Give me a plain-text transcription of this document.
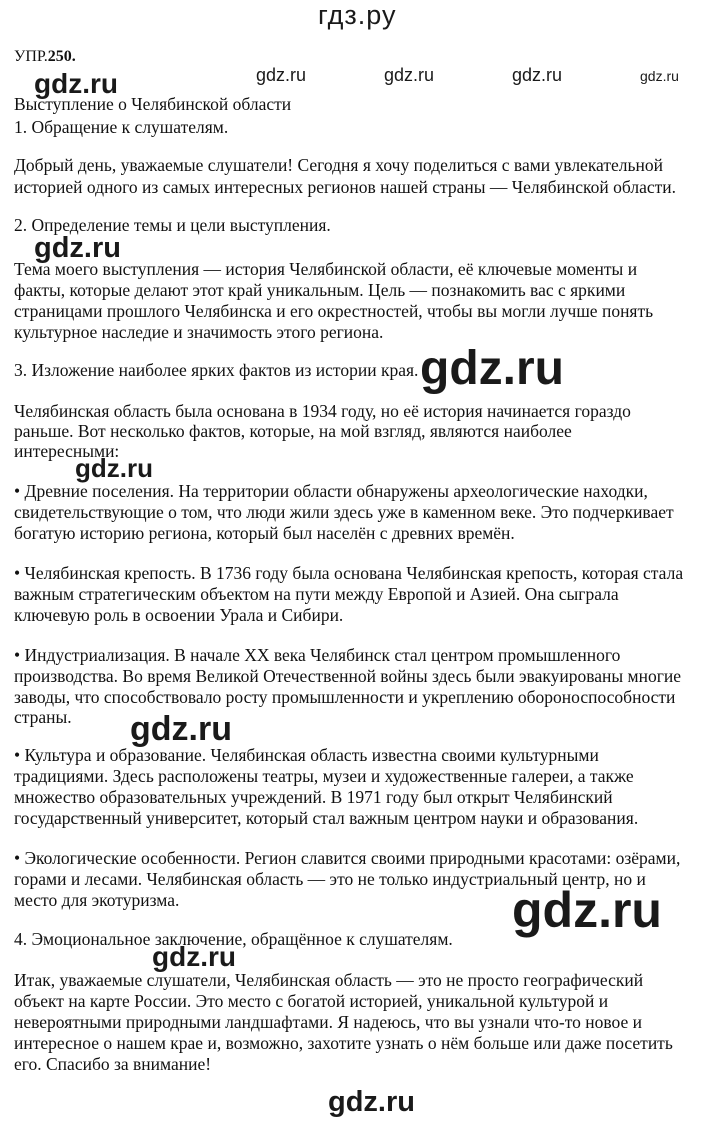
гдз.ру
gdz.ru	gdz.ru	gdz.ru	gdz.ru	gdz.ru
gdz.ru
gdz.ru
gdz.ru
gdz.ru
gdz.ru
gdz.ru
gdz.ru
УПР.250.
Выступление о Челябинской области
1. Обращение к слушателям.
Добрый день, уважаемые слушатели! Сегодня я хочу поделиться с вами увлекательной
историей одного из самых интересных регионов нашей страны — Челябинской области.
2. Определение темы и цели выступления.
Тема моего выступления — история Челябинской области, её ключевые моменты и
факты, которые делают этот край уникальным. Цель — познакомить вас с яркими
страницами прошлого Челябинска и его окрестностей, чтобы вы могли лучше понять
культурное наследие и значимость этого региона.
3. Изложение наиболее ярких фактов из истории края.
Челябинская область была основана в 1934 году, но её история начинается гораздо
раньше. Вот несколько фактов, которые, на мой взгляд, являются наиболее
интересными:
• Древние поселения. На территории области обнаружены археологические находки,
свидетельствующие о том, что люди жили здесь уже в каменном веке. Это подчеркивает
богатую историю региона, который был населён с древних времён.
• Челябинская крепость. В 1736 году была основана Челябинская крепость, которая стала
важным стратегическим объектом на пути между Европой и Азией. Она сыграла
ключевую роль в освоении Урала и Сибири.
• Индустриализация. В начале XX века Челябинск стал центром промышленного
производства. Во время Великой Отечественной войны здесь были эвакуированы многие
заводы, что способствовало росту промышленности и укреплению обороноспособности
страны.
• Культура и образование. Челябинская область известна своими культурными
традициями. Здесь расположены театры, музеи и художественные галереи, а также
множество образовательных учреждений. В 1971 году был открыт Челябинский
государственный университет, который стал важным центром науки и образования.
• Экологические особенности. Регион славится своими природными красотами: озёрами,
горами и лесами. Челябинская область — это не только индустриальный центр, но и
место для экотуризма.
4. Эмоциональное заключение, обращённое к слушателям.
Итак, уважаемые слушатели, Челябинская область — это не просто географический
объект на карте России. Это место с богатой историей, уникальной культурой и
невероятными природными ландшафтами. Я надеюсь, что вы узнали что-то новое и
интересное о нашем крае и, возможно, захотите узнать о нём больше или даже посетить
его. Спасибо за внимание!
